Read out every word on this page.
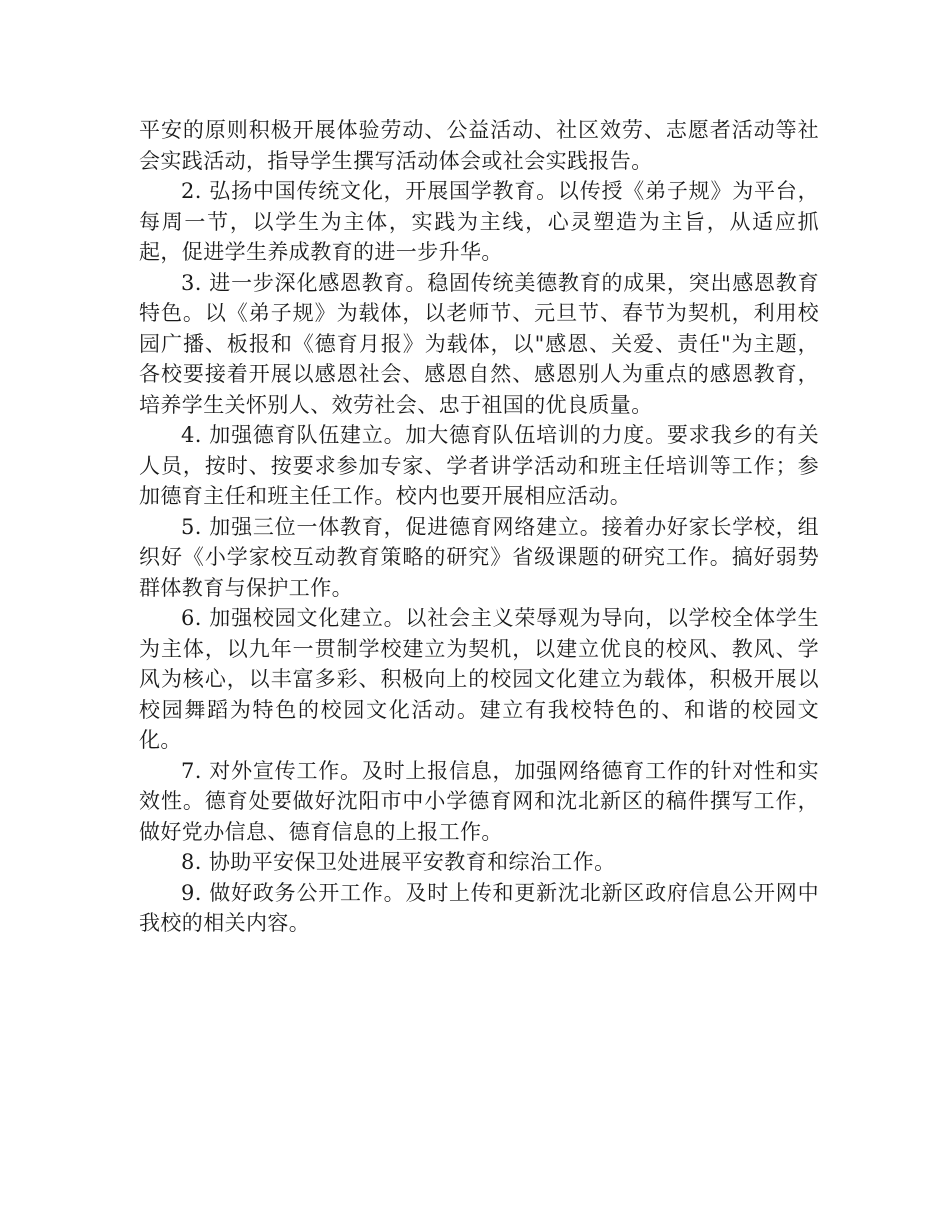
平安的原则积极开展体验劳动、公益活动、社区效劳、志愿者活动等社会实践活动，指导学生撰写活动体会或社会实践报告。

2. 弘扬中国传统文化，开展国学教育。以传授《弟子规》为平台，每周一节，以学生为主体，实践为主线，心灵塑造为主旨，从适应抓起，促进学生养成教育的进一步升华。

3. 进一步深化感恩教育。稳固传统美德教育的成果，突出感恩教育特色。以《弟子规》为载体，以老师节、元旦节、春节为契机，利用校园广播、板报和《德育月报》为载体，以"感恩、关爱、责任"为主题，各校要接着开展以感恩社会、感恩自然、感恩别人为重点的感恩教育，培养学生关怀别人、效劳社会、忠于祖国的优良质量。

4. 加强德育队伍建立。加大德育队伍培训的力度。要求我乡的有关人员，按时、按要求参加专家、学者讲学活动和班主任培训等工作；参加德育主任和班主任工作。校内也要开展相应活动。

5. 加强三位一体教育，促进德育网络建立。接着办好家长学校，组织好《小学家校互动教育策略的研究》省级课题的研究工作。搞好弱势群体教育与保护工作。

6. 加强校园文化建立。以社会主义荣辱观为导向，以学校全体学生为主体，以九年一贯制学校建立为契机，以建立优良的校风、教风、学风为核心，以丰富多彩、积极向上的校园文化建立为载体，积极开展以校园舞蹈为特色的校园文化活动。建立有我校特色的、和谐的校园文化。

7. 对外宣传工作。及时上报信息，加强网络德育工作的针对性和实效性。德育处要做好沈阳市中小学德育网和沈北新区的稿件撰写工作，做好党办信息、德育信息的上报工作。

8. 协助平安保卫处进展平安教育和综治工作。

9. 做好政务公开工作。及时上传和更新沈北新区政府信息公开网中我校的相关内容。
